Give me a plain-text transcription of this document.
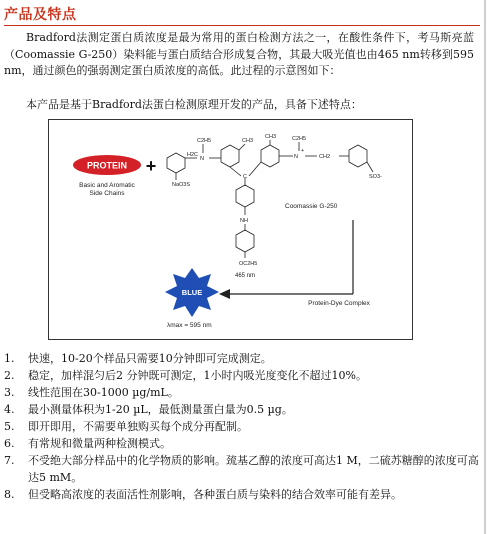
产品及特点

Bradford法测定蛋白质浓度是最为常用的蛋白检测方法之一，在酸性条件下，考马斯亮蓝（Coomassie G-250）染料能与蛋白质结合形成复合物，其最大吸光值也由465 nm转移到595 nm，通过颜色的强弱测定蛋白质浓度的高低。此过程的示意图如下：

本产品是基于Bradford法蛋白检测原理开发的产品，具备下述特点：

PROTEIN
Basic and Aromatic
Side Chains
+
NaO3S
H2C
N
C2H5	CH3
C
CH3
N
+
C2H5
CH2
SO3-
NH
OC2H5
Coomassie G-250
465 nm
Protein-Dye Complex
BLUE
λmax = 595 nm
1. 快速，10-20个样品只需要10分钟即可完成测定。
2. 稳定，加样混匀后2 分钟既可测定，1小时内吸光度变化不超过10%。
3. 线性范围在30-1000 µg/mL。
4. 最小测量体积为1-20 µL，最低测量蛋白量为0.5 µg。
5. 即开即用，不需要单独购买每个成分再配制。
6. 有常规和微量两种检测模式。
7. 不受绝大部分样品中的化学物质的影响。巯基乙醇的浓度可高达1 M，二硫苏糖醇的浓度可高达5 mM。
8. 但受略高浓度的表面活性剂影响，各种蛋白质与染料的结合效率可能有差异。
